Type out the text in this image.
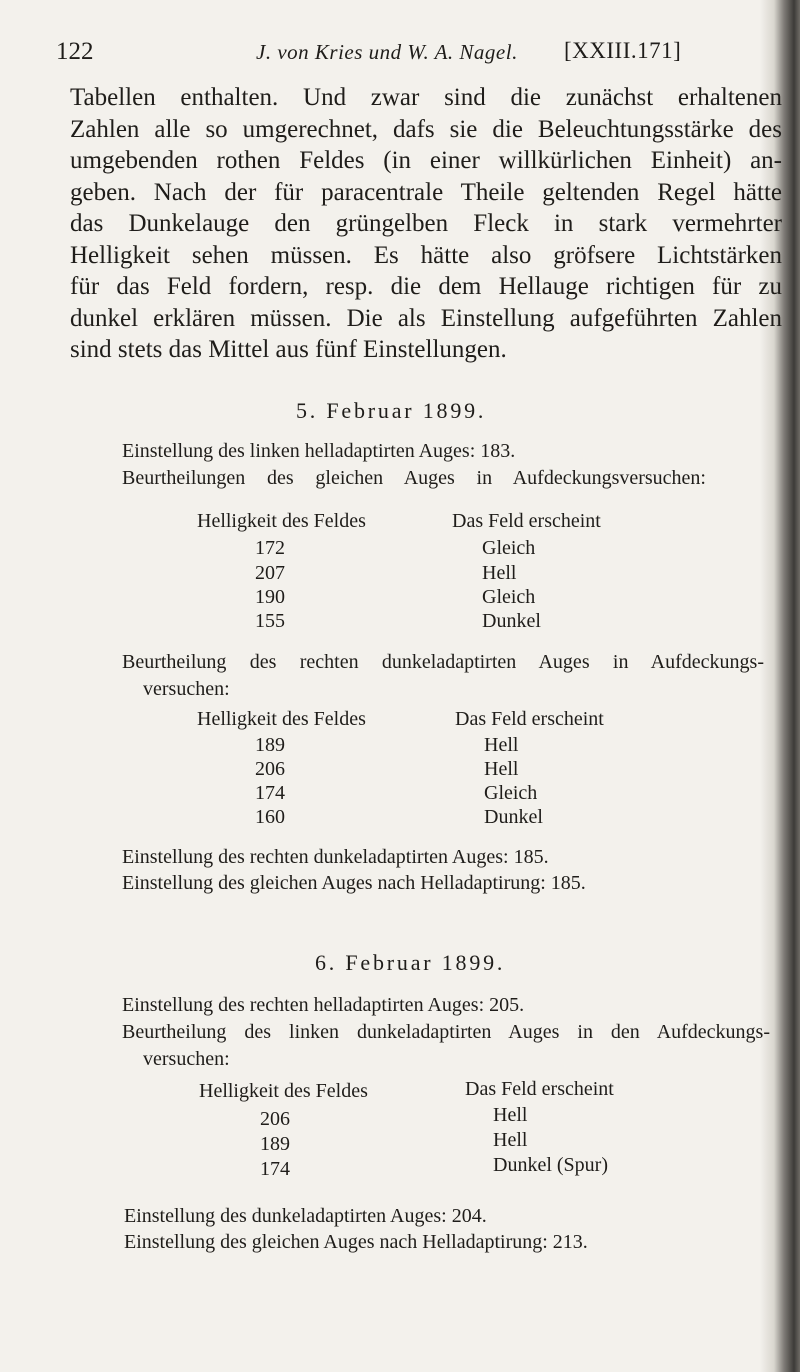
122	J. von Kries und W. A. Nagel. [XXIII.171]
Tabellen enthalten. Und zwar sind die zunächst erhaltenen
Zahlen alle so umgerechnet, dafs sie die Beleuchtungsstärke des
umgebenden rothen Feldes (in einer willkürlichen Einheit) an-
geben. Nach der für paracentrale Theile geltenden Regel hätte
das Dunkelauge den grüngelben Fleck in stark vermehrter
Helligkeit sehen müssen. Es hätte also gröfsere Lichtstärken
für das Feld fordern, resp. die dem Hellauge richtigen für zu
dunkel erklären müssen. Die als Einstellung aufgeführten Zahlen
sind stets das Mittel aus fünf Einstellungen.
5. Februar 1899.
Einstellung des linken helladaptirten Auges: 183.
Beurtheilungen des gleichen Auges in Aufdeckungsversuchen:
Helligkeit des Feldes	Das Feld erscheint
172	Gleich
207	Hell
190	Gleich
155	Dunkel
Beurtheilung des rechten dunkeladaptirten Auges in Aufdeckungs-
versuchen:
Helligkeit des Feldes	Das Feld erscheint
189	Hell
206	Hell
174	Gleich
160	Dunkel
Einstellung des rechten dunkeladaptirten Auges: 185.
Einstellung des gleichen Auges nach Helladaptirung: 185.
6. Februar 1899.
Einstellung des rechten helladaptirten Auges: 205.
Beurtheilung des linken dunkeladaptirten Auges in den Aufdeckungs-
versuchen:
Helligkeit des Feldes	Das Feld erscheint
206	Hell
189	Hell
174	Dunkel (Spur)
Einstellung des dunkeladaptirten Auges: 204.
Einstellung des gleichen Auges nach Helladaptirung: 213.
